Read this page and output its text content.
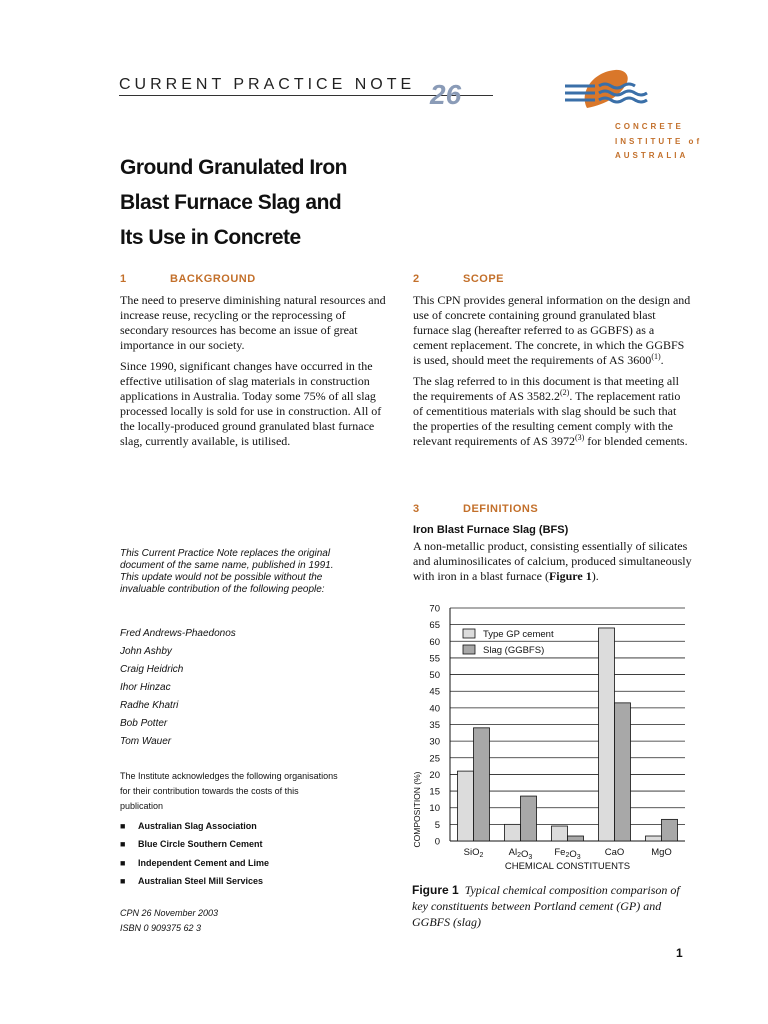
CURRENT PRACTICE NOTE 26
CONCRETE
INSTITUTE of
AUSTRALIA
Ground Granulated Iron
Blast Furnace Slag and
Its Use in Concrete
1	BACKGROUND

The need to preserve diminishing natural resources and increase reuse, recycling or the reprocessing of secondary resources has become an issue of great importance in our society.

Since 1990, significant changes have occurred in the effective utilisation of slag materials in construction applications in Australia. Today some 75% of all slag processed locally is sold for use in construction. All of the locally-produced ground granulated blast furnace slag, currently available, is utilised.

2	SCOPE

This CPN provides general information on the design and use of concrete containing ground granulated blast furnace slag (hereafter referred to as GGBFS) as a cement replacement. The concrete, in which the GGBFS is used, should meet the requirements of AS 3600$^{(1)}$.

The slag referred to in this document is that meeting all the requirements of AS 3582.2$^{(2)}$. The replacement ratio of cementitious materials with slag should be such that the properties of the resulting cement comply with the relevant requirements of AS 3972$^{(3)}$ for blended cements.

3	DEFINITIONS
Iron Blast Furnace Slag (BFS)
A non-metallic product, consisting essentially of silicates and aluminosilicates of calcium, produced simultaneously with iron in a blast furnace (Figure 1).
This Current Practice Note replaces the original document of the same name, published in 1991. This update would not be possible without the invaluable contribution of the following people:
Fred Andrews-Phaedonos
John Ashby
Craig Heidrich
Ihor Hinzac
Radhe Khatri
Bob Potter
Tom Wauer
The Institute acknowledges the following organisations for their contribution towards the costs of this publication
■ Australian Slag Association
■ Blue Circle Southern Cement
■ Independent Cement and Lime
■ Australian Steel Mill Services
CPN 26 November 2003
ISBN 0 909375 62 3
0
5
10
15
20
25
30
35
40
45
50
55
60
65
70
SiO$_2$	$Al_2O_3$ $Fe_2O_3$	CaO	MgO
CHEMICAL CONSTITUENTS
COMPOSITION (%)
Type GP cement
Slag (GGBFS)
Figure 1 Typical chemical composition comparison of key constituents between Portland cement (GP) and GGBFS (slag)
1
